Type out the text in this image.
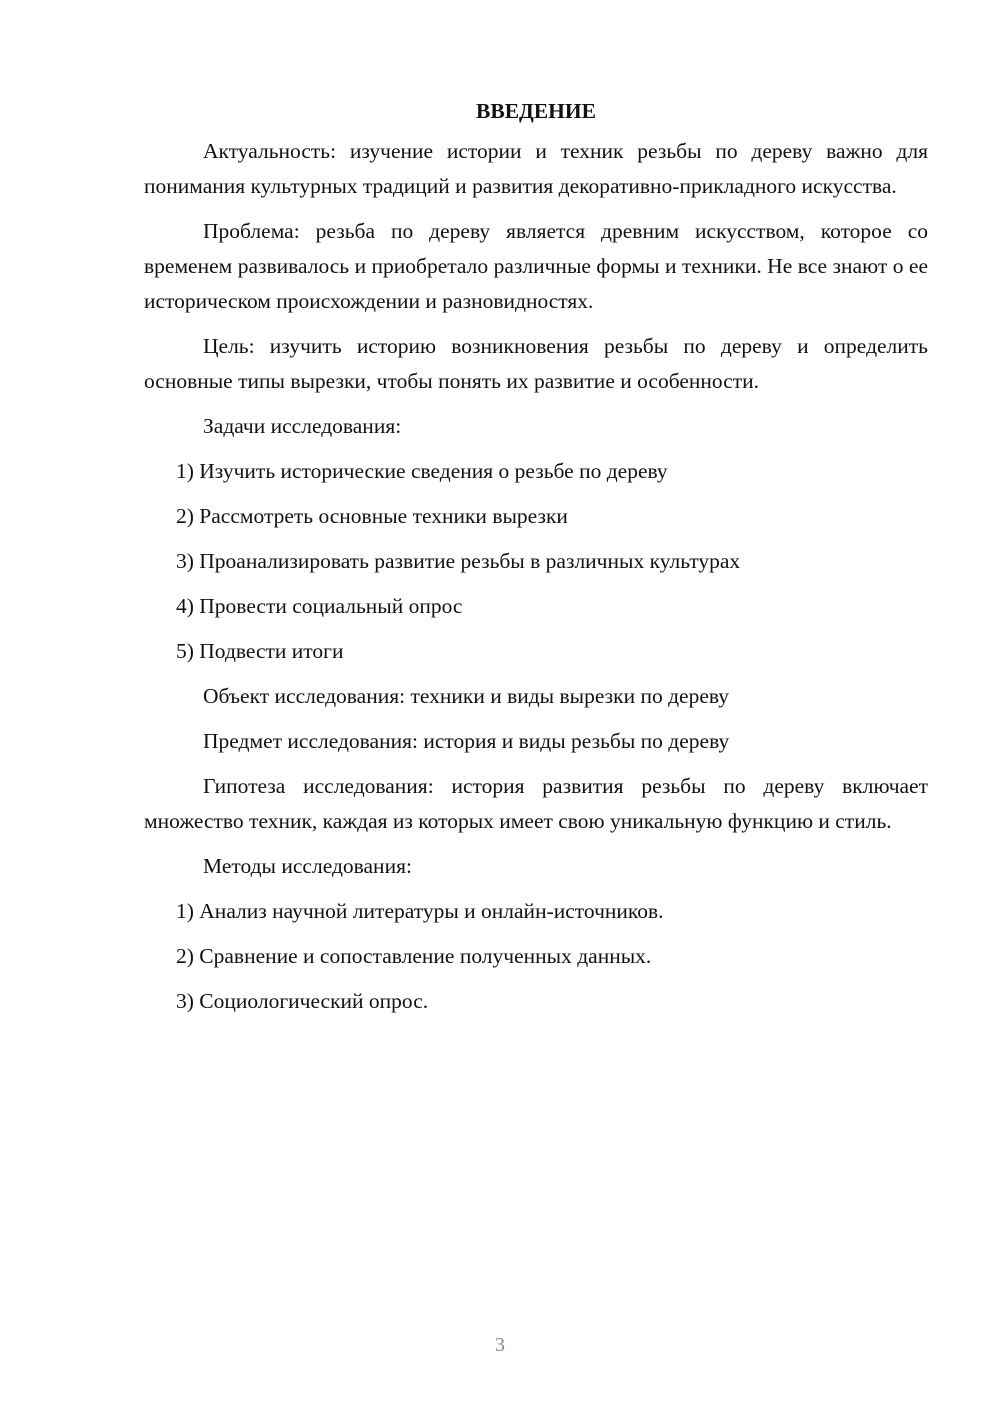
ВВЕДЕНИЕ

Актуальность: изучение истории и техник резьбы по дереву важно для понимания культурных традиций и развития декоративно-прикладного искусства.

Проблема: резьба по дереву является древним искусством, которое со временем развивалось и приобретало различные формы и техники. Не все знают о ее историческом происхождении и разновидностях.

Цель: изучить историю возникновения резьбы по дереву и определить основные типы вырезки, чтобы понять их развитие и особенности.

Задачи исследования:

1) Изучить исторические сведения о резьбе по дереву
2) Рассмотреть основные техники вырезки
3) Проанализировать развитие резьбы в различных культурах
4) Провести социальный опрос
5) Подвести итоги

Объект исследования: техники и виды вырезки по дереву

Предмет исследования: история и виды резьбы по дереву

Гипотеза исследования: история развития резьбы по дереву включает множество техник, каждая из которых имеет свою уникальную функцию и стиль.

Методы исследования:

1) Анализ научной литературы и онлайн-источников.
2) Сравнение и сопоставление полученных данных.
3) Социологический опрос.
3
